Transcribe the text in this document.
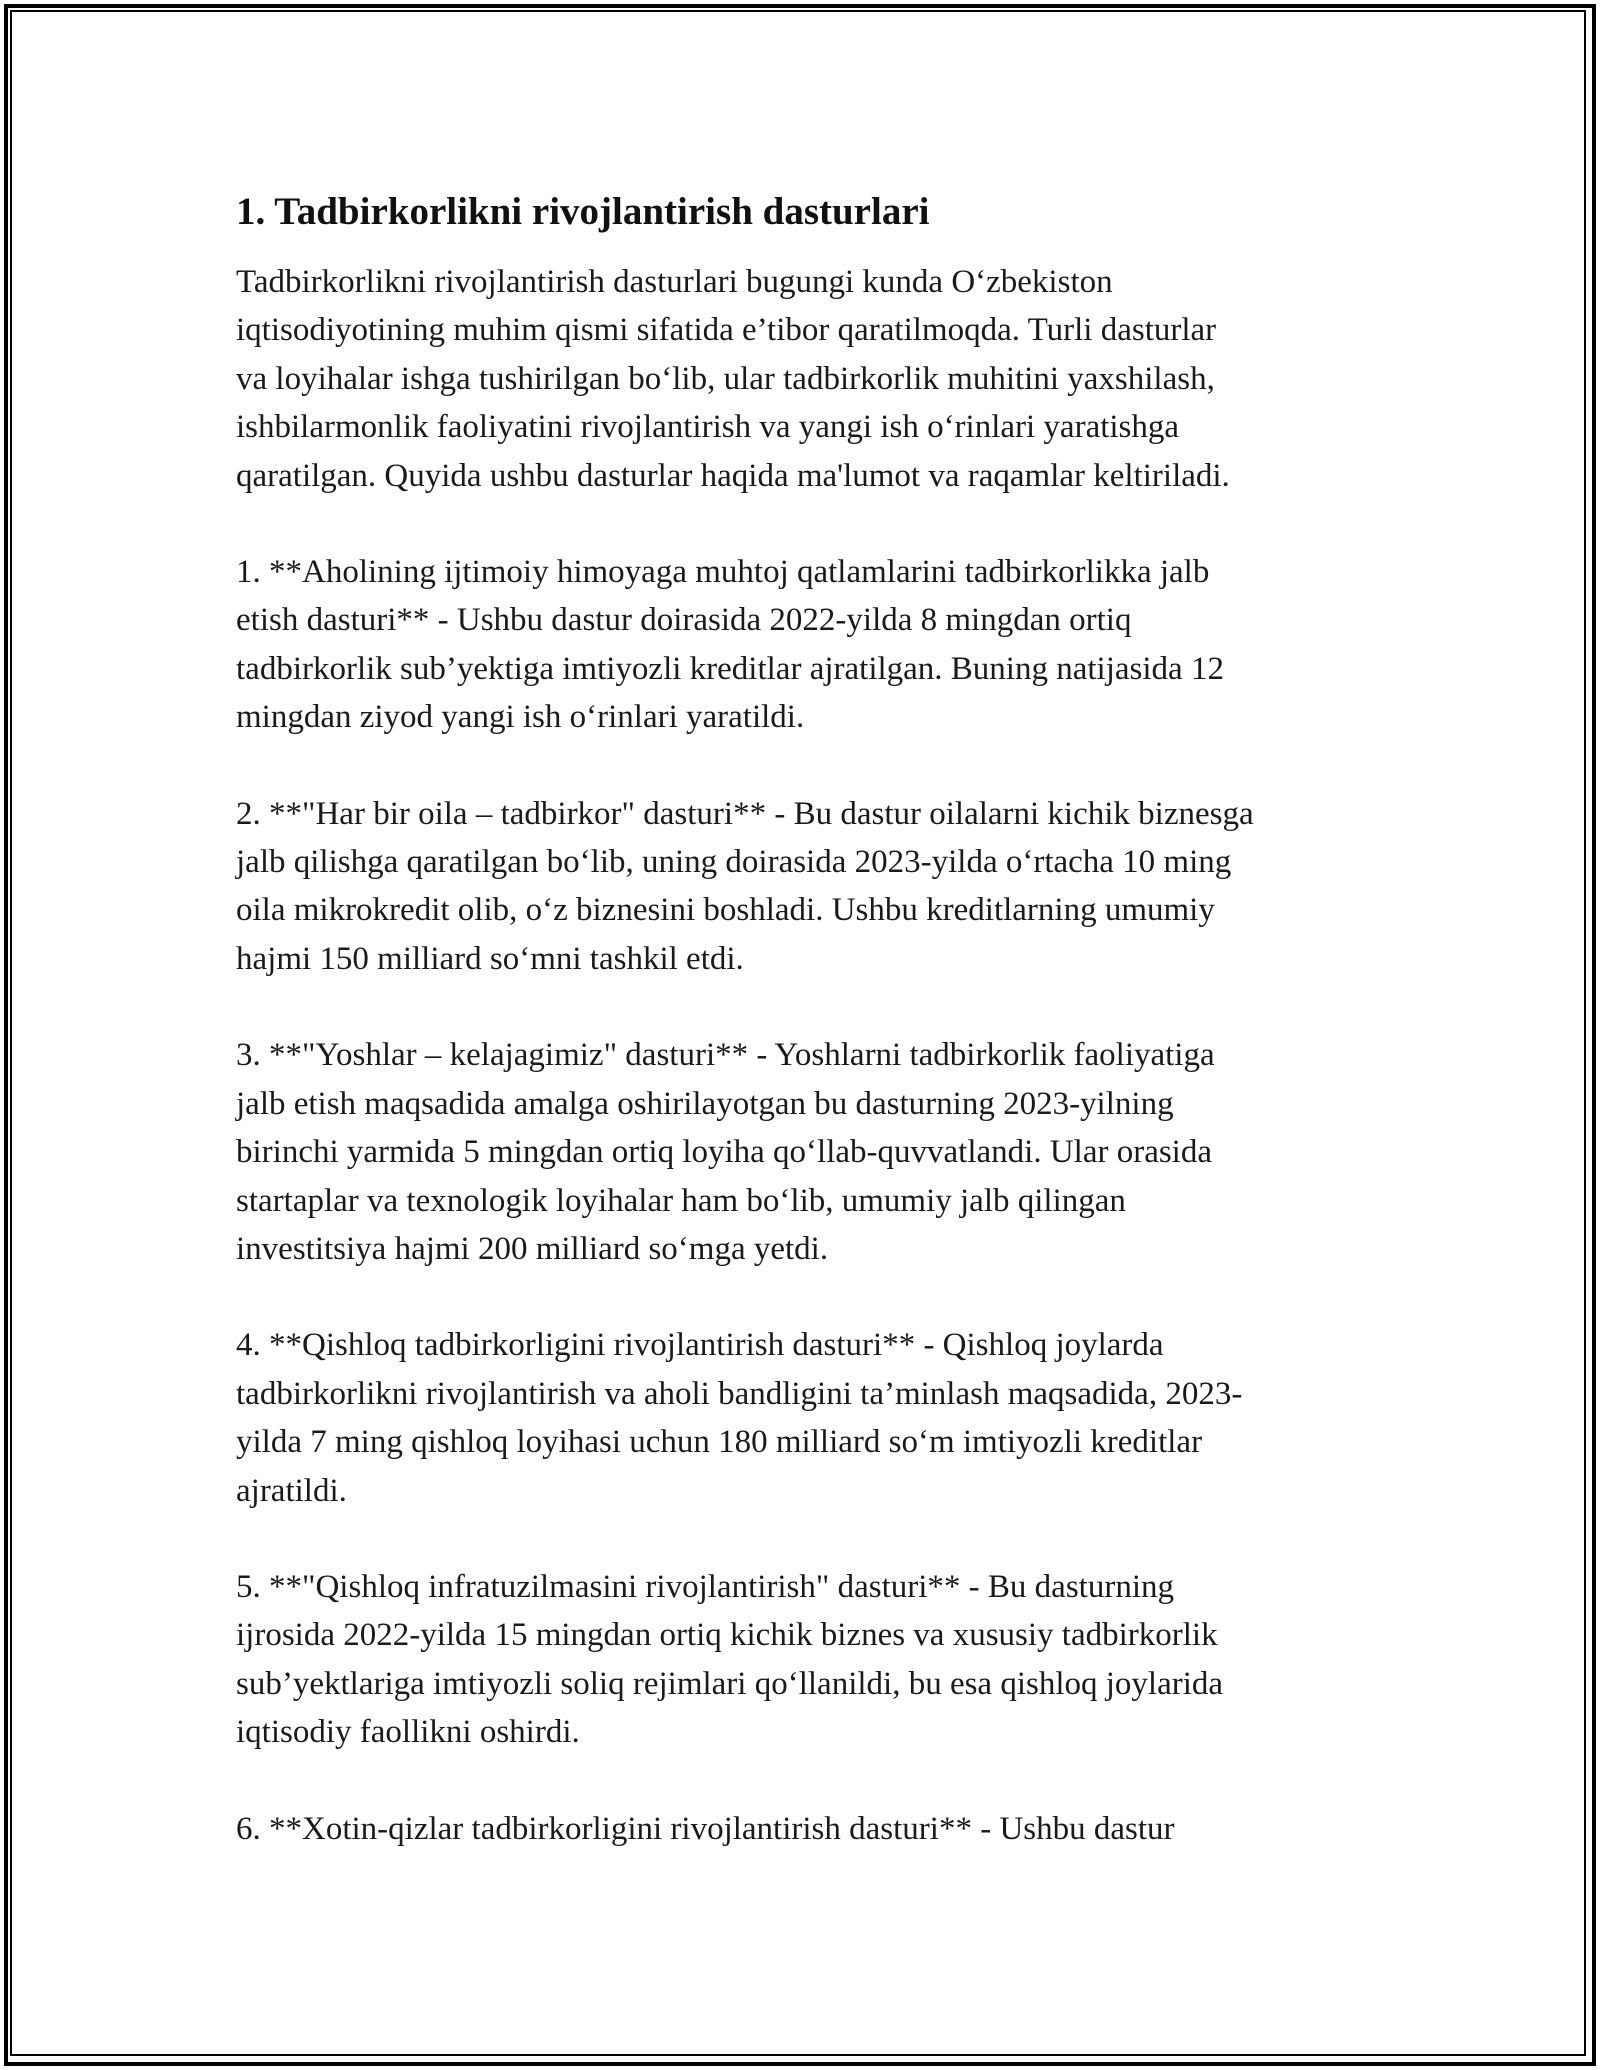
1. Tadbirkorlikni rivojlantirish dasturlari

Tadbirkorlikni rivojlantirish dasturlari bugungi kunda O‘zbekiston
iqtisodiyotining muhim qismi sifatida e’tibor qaratilmoqda. Turli dasturlar
va loyihalar ishga tushirilgan bo‘lib, ular tadbirkorlik muhitini yaxshilash,
ishbilarmonlik faoliyatini rivojlantirish va yangi ish o‘rinlari yaratishga
qaratilgan. Quyida ushbu dasturlar haqida ma'lumot va raqamlar keltiriladi.

1. **Aholining ijtimoiy himoyaga muhtoj qatlamlarini tadbirkorlikka jalb
etish dasturi** - Ushbu dastur doirasida 2022-yilda 8 mingdan ortiq
tadbirkorlik sub’yektiga imtiyozli kreditlar ajratilgan. Buning natijasida 12
mingdan ziyod yangi ish o‘rinlari yaratildi.

2. **"Har bir oila – tadbirkor" dasturi** - Bu dastur oilalarni kichik biznesga
jalb qilishga qaratilgan bo‘lib, uning doirasida 2023-yilda o‘rtacha 10 ming
oila mikrokredit olib, o‘z biznesini boshladi. Ushbu kreditlarning umumiy
hajmi 150 milliard so‘mni tashkil etdi.

3. **"Yoshlar – kelajagimiz" dasturi** - Yoshlarni tadbirkorlik faoliyatiga
jalb etish maqsadida amalga oshirilayotgan bu dasturning 2023-yilning
birinchi yarmida 5 mingdan ortiq loyiha qo‘llab-quvvatlandi. Ular orasida
startaplar va texnologik loyihalar ham bo‘lib, umumiy jalb qilingan
investitsiya hajmi 200 milliard so‘mga yetdi.

4. **Qishloq tadbirkorligini rivojlantirish dasturi** - Qishloq joylarda
tadbirkorlikni rivojlantirish va aholi bandligini ta’minlash maqsadida, 2023-
yilda 7 ming qishloq loyihasi uchun 180 milliard so‘m imtiyozli kreditlar
ajratildi.

5. **"Qishloq infratuzilmasini rivojlantirish" dasturi** - Bu dasturning
ijrosida 2022-yilda 15 mingdan ortiq kichik biznes va xususiy tadbirkorlik
sub’yektlariga imtiyozli soliq rejimlari qo‘llanildi, bu esa qishloq joylarida
iqtisodiy faollikni oshirdi.

6. **Xotin-qizlar tadbirkorligini rivojlantirish dasturi** - Ushbu dastur
